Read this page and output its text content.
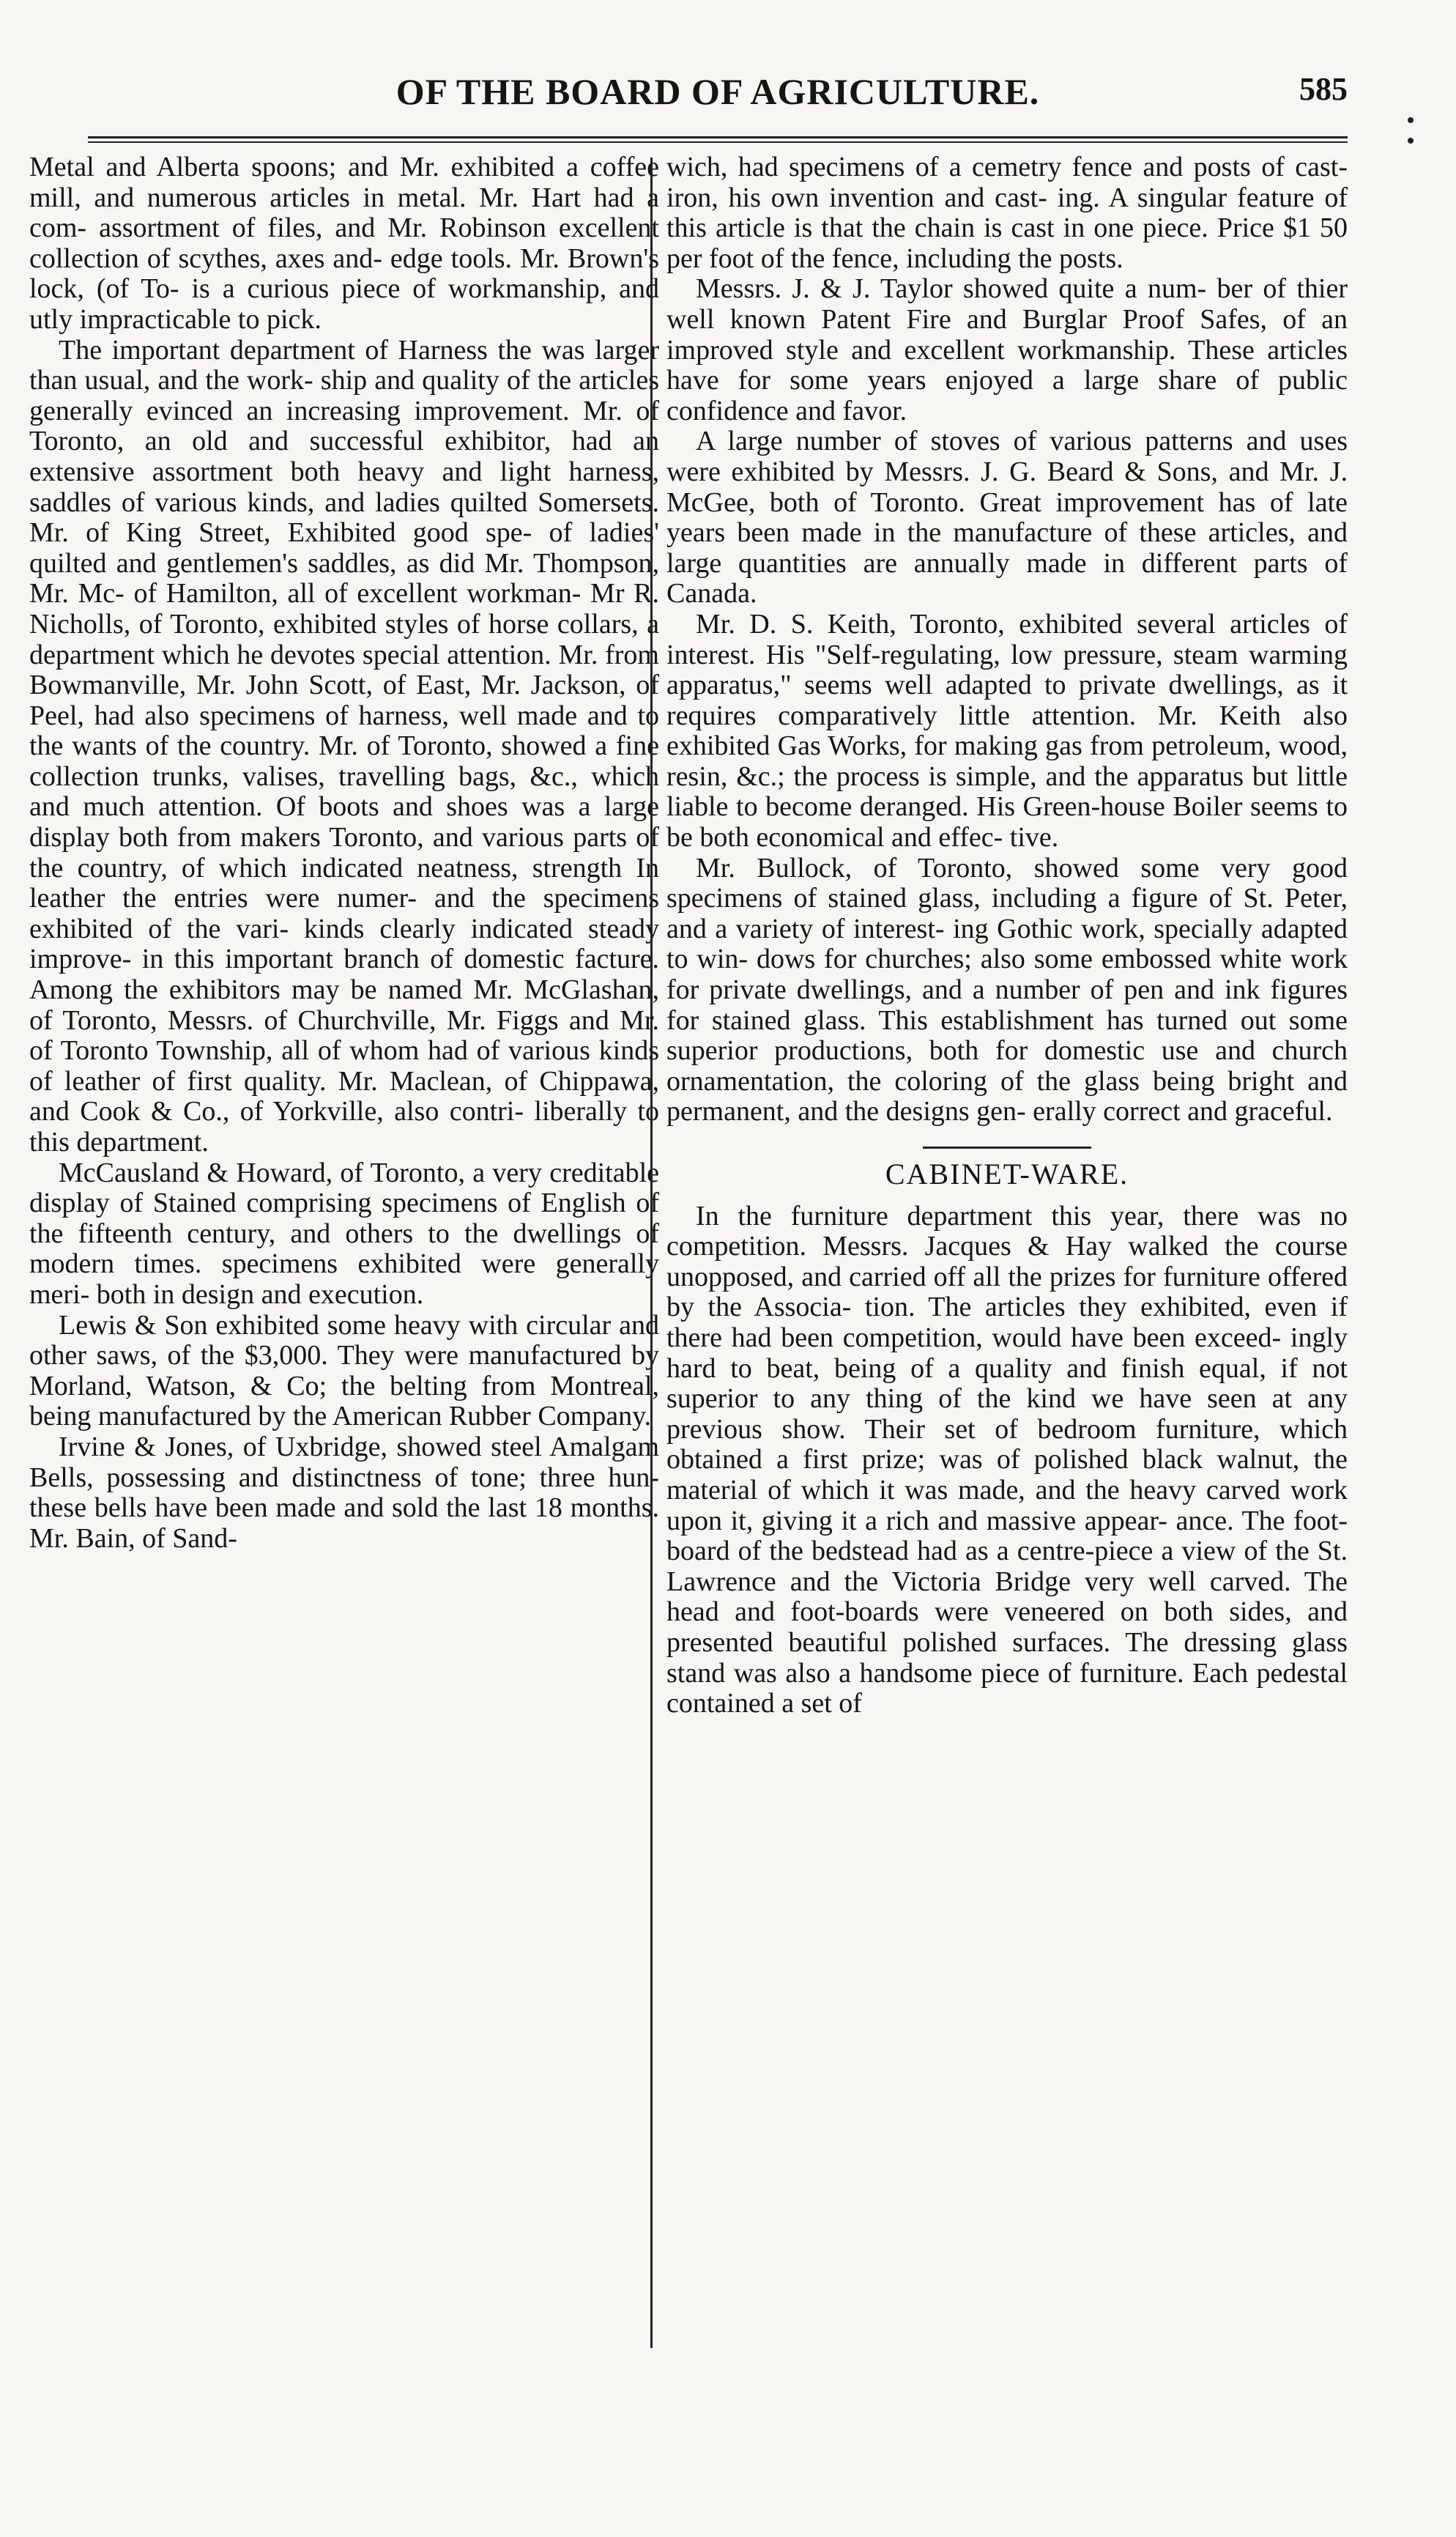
OF THE BOARD OF AGRICULTURE.	585

Metal and Alberta spoons; and Mr. exhibited a coffee mill, and numerous articles in metal. Mr. Hart had a com- assortment of files, and Mr. Robinson excellent collection of scythes, axes and- edge tools. Mr. Brown's lock, (of To- is a curious piece of workmanship, and utly impracticable to pick.

The important department of Harness the was larger than usual, and the work- ship and quality of the articles generally evinced an increasing improvement. Mr. of Toronto, an old and successful exhibitor, had an extensive assortment both heavy and light harness, saddles of various kinds, and ladies quilted Somersets. Mr. of King Street, Exhibited good spe- of ladies' quilted and gentlemen's saddles, as did Mr. Thompson, Mr. Mc- of Hamilton, all of excellent workman- Mr R. Nicholls, of Toronto, exhibited styles of horse collars, a department which he devotes special attention. Mr. from Bowmanville, Mr. John Scott, of East, Mr. Jackson, of Peel, had also specimens of harness, well made and to the wants of the country. Mr. of Toronto, showed a fine collection trunks, valises, travelling bags, &c., which and much attention. Of boots and shoes was a large display both from makers Toronto, and various parts of the country, of which indicated neatness, strength In leather the entries were numer- and the specimens exhibited of the vari- kinds clearly indicated steady improve- in this important branch of domestic facture. Among the exhibitors may be named Mr. McGlashan, of Toronto, Messrs. of Churchville, Mr. Figgs and Mr. of Toronto Township, all of whom had of various kinds of leather of first quality. Mr. Maclean, of Chippawa, and Cook & Co., of Yorkville, also contri- liberally to this department.

McCausland & Howard, of Toronto, a very creditable display of Stained comprising specimens of English of the fifteenth century, and others to the dwellings of modern times. specimens exhibited were generally meri- both in design and execution.

Lewis & Son exhibited some heavy with circular and other saws, of the $3,000. They were manufactured by Morland, Watson, & Co; the belting from Montreal, being manufactured by the American Rubber Company.

Irvine & Jones, of Uxbridge, showed steel Amalgam Bells, possessing and distinctness of tone; three hun- these bells have been made and sold the last 18 months. Mr. Bain, of Sand-

wich, had specimens of a cemetry fence and posts of cast-iron, his own invention and cast- ing. A singular feature of this article is that the chain is cast in one piece. Price $1 50 per foot of the fence, including the posts.

Messrs. J. & J. Taylor showed quite a num- ber of thier well known Patent Fire and Burglar Proof Safes, of an improved style and excellent workmanship. These articles have for some years enjoyed a large share of public confidence and favor.

A large number of stoves of various patterns and uses were exhibited by Messrs. J. G. Beard & Sons, and Mr. J. McGee, both of Toronto. Great improvement has of late years been made in the manufacture of these articles, and large quantities are annually made in different parts of Canada.

Mr. D. S. Keith, Toronto, exhibited several articles of interest. His "Self-regulating, low pressure, steam warming apparatus," seems well adapted to private dwellings, as it requires comparatively little attention. Mr. Keith also exhibited Gas Works, for making gas from petroleum, wood, resin, &c.; the process is simple, and the apparatus but little liable to become deranged. His Green-house Boiler seems to be both economical and effec- tive.

Mr. Bullock, of Toronto, showed some very good specimens of stained glass, including a figure of St. Peter, and a variety of interest- ing Gothic work, specially adapted to win- dows for churches; also some embossed white work for private dwellings, and a number of pen and ink figures for stained glass. This establishment has turned out some superior productions, both for domestic use and church ornamentation, the coloring of the glass being bright and permanent, and the designs gen- erally correct and graceful.

CABINET-WARE.

In the furniture department this year, there was no competition. Messrs. Jacques & Hay walked the course unopposed, and carried off all the prizes for furniture offered by the Associa- tion. The articles they exhibited, even if there had been competition, would have been exceed- ingly hard to beat, being of a quality and finish equal, if not superior to any thing of the kind we have seen at any previous show. Their set of bedroom furniture, which obtained a first prize; was of polished black walnut, the material of which it was made, and the heavy carved work upon it, giving it a rich and massive appear- ance. The foot-board of the bedstead had as a centre-piece a view of the St. Lawrence and the Victoria Bridge very well carved. The head and foot-boards were veneered on both sides, and presented beautiful polished surfaces. The dressing glass stand was also a handsome piece of furniture. Each pedestal contained a set of
